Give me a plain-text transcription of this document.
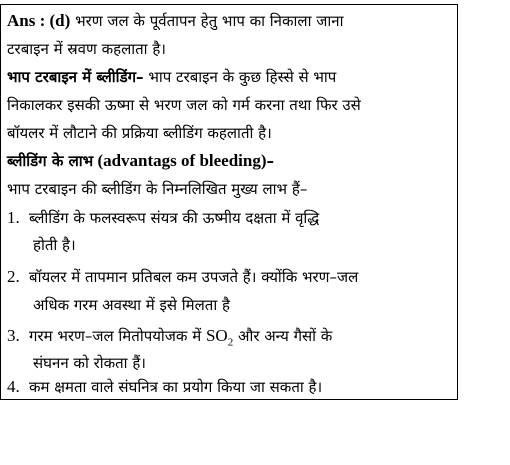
Ans : (d) भरण जल के पूर्वतापन हेतु भाप का निकाला जाना
टरबाइन में स्रवण कहलाता है।
भाप टरबाइन में ब्लीडिंग– भाप टरबाइन के कुछ हिस्से से भाप
निकालकर इसकी ऊष्मा से भरण जल को गर्म करना तथा फिर उसे
बॉयलर में लौटाने की प्रक्रिया ब्लीडिंग कहलाती है।
ब्लीडिंग के लाभ (advantags of bleeding)–
भाप टरबाइन की ब्लीडिंग के निम्नलिखित मुख्य लाभ हैं–
1. ब्लीडिंग के फलस्वरूप संयत्र की ऊष्मीय दक्षता में वृद्धि
होती है।
2. बॉयलर में तापमान प्रतिबल कम उपजते हैं। क्योंकि भरण–जल
अधिक गरम अवस्था में इसे मिलता है
3. गरम भरण–जल मितोपयोजक में $SO_2$ और अन्य गैसों के
संघनन को रोकता हैं।
4. कम क्षमता वाले संघनित्र का प्रयोग किया जा सकता है।
